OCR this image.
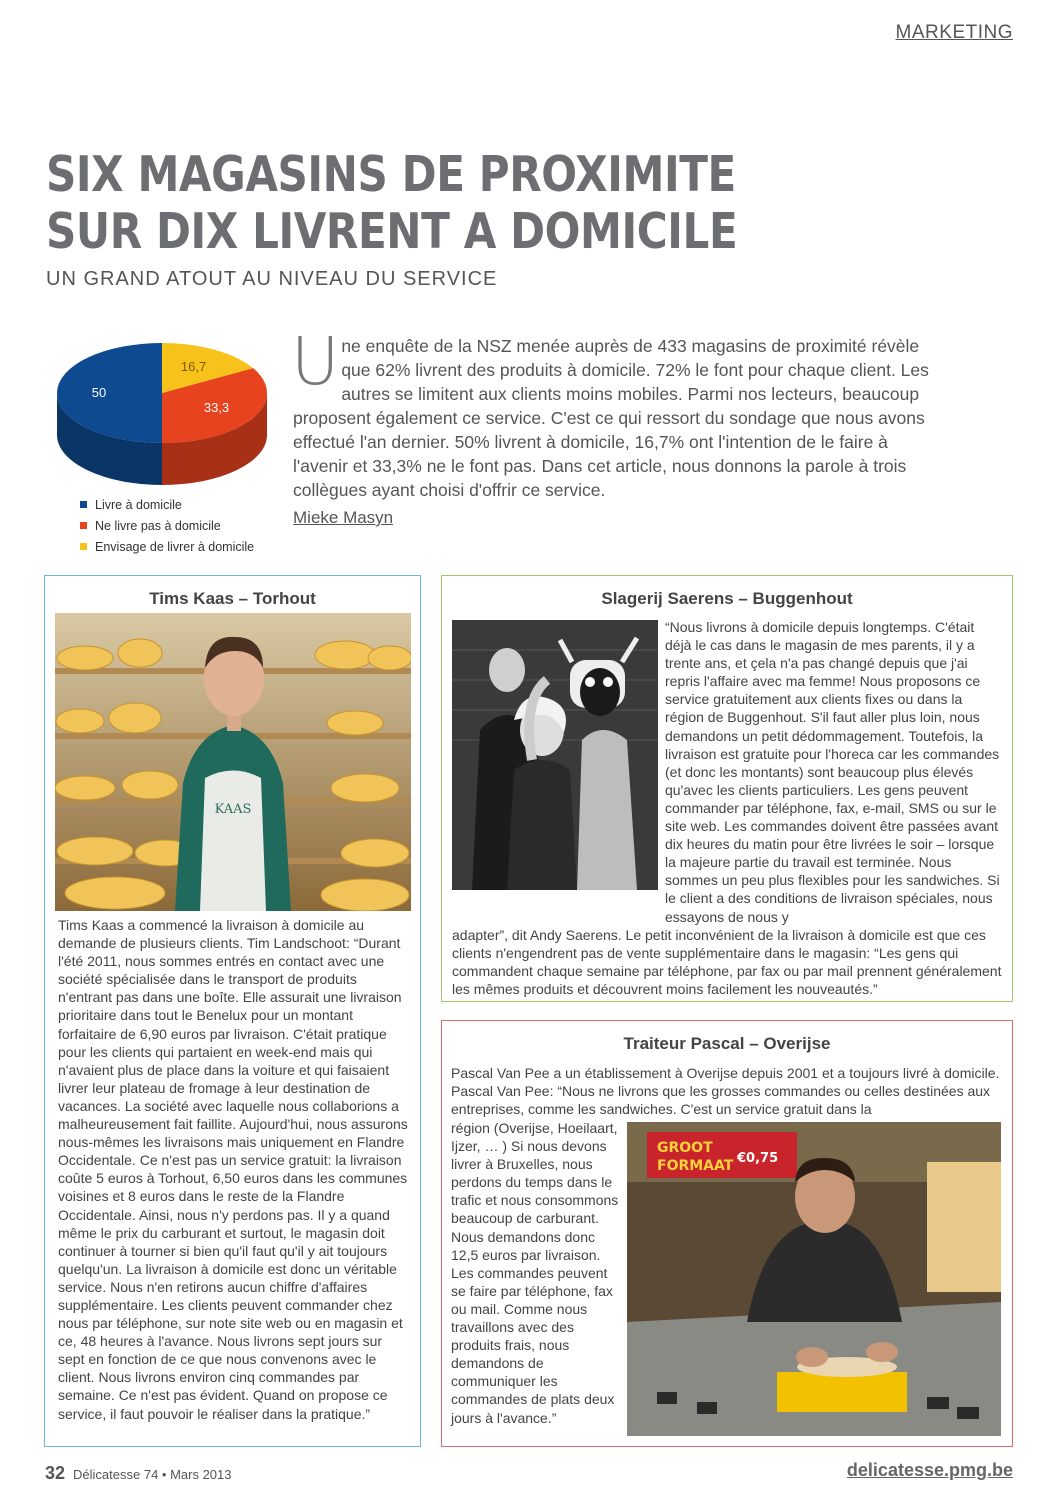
MARKETING
SIX MAGASINS DE PROXIMITE
SUR DIX LIVRENT A DOMICILE
UN GRAND ATOUT AU NIVEAU DU SERVICE
50
33,3
16,7
Livre à domicile
Ne livre pas à domicile
Envisage de livrer à domicile
Une enquête de la NSZ menée auprès de 433 magasins de proximité révèle que 62% livrent des produits à domicile. 72% le font pour chaque client. Les autres se limitent aux clients moins mobiles. Parmi nos lecteurs, beaucoup proposent également ce service. C'est ce qui ressort du sondage que nous avons effectué l'an dernier. 50% livrent à domicile, 16,7% ont l'intention de le faire à l'avenir et 33,3% ne le font pas. Dans cet article, nous donnons la parole à trois collègues ayant choisi d'offrir ce service.
Mieke Masyn
Tims Kaas – Torhout
KAAS
Tims Kaas a commencé la livraison à domicile au demande de plusieurs clients. Tim Landschoot: “Durant l'été 2011, nous sommes entrés en contact avec une société spécialisée dans le transport de produits n'entrant pas dans une boîte. Elle assurait une livraison prioritaire dans tout le Benelux pour un montant forfaitaire de 6,90 euros par livraison. C'était pratique pour les clients qui partaient en week-end mais qui n'avaient plus de place dans la voiture et qui faisaient livrer leur plateau de fromage à leur destination de vacances. La société avec laquelle nous collaborions a malheureusement fait faillite. Aujourd'hui, nous assurons nous-mêmes les livraisons mais uniquement en Flandre Occidentale. Ce n'est pas un service gratuit: la livraison coûte 5 euros à Torhout, 6,50 euros dans les communes voisines et 8 euros dans le reste de la Flandre Occidentale. Ainsi, nous n'y perdons pas. Il y a quand même le prix du carburant et surtout, le magasin doit continuer à tourner si bien qu'il faut qu'il y ait toujours quelqu'un. La livraison à domicile est donc un véritable service. Nous n'en retirons aucun chiffre d'affaires supplémentaire. Les clients peuvent commander chez nous par téléphone, sur note site web ou en magasin et ce, 48 heures à l'avance. Nous livrons sept jours sur sept en fonction de ce que nous convenons avec le client. Nous livrons environ cinq commandes par semaine. Ce n'est pas évident. Quand on propose ce service, il faut pouvoir le réaliser dans la pratique.”
Slagerij Saerens – Buggenhout
“Nous livrons à domicile depuis longtemps. C'était déjà le cas dans le magasin de mes parents, il y a trente ans, et çela n'a pas changé depuis que j'ai repris l'affaire avec ma femme! Nous proposons ce service gratuitement aux clients fixes ou dans la région de Buggenhout. S'il faut aller plus loin, nous demandons un petit dédommagement. Toutefois, la livraison est gratuite pour l'horeca car les commandes (et donc les montants) sont beaucoup plus élevés qu'avec les clients particuliers. Les gens peuvent commander par téléphone, fax, e-mail, SMS ou sur le site web. Les commandes doivent être passées avant dix heures du matin pour être livrées le soir – lorsque la majeure partie du travail est terminée. Nous sommes un peu plus flexibles pour les sandwiches. Si le client a des conditions de livraison spéciales, nous essayons de nous y
adapter”, dit Andy Saerens. Le petit inconvénient de la livraison à domicile est que ces clients n'engendrent pas de vente supplémentaire dans le magasin: “Les gens qui commandent chaque semaine par téléphone, par fax ou par mail prennent généralement les mêmes produits et découvrent moins facilement les nouveautés.”
Traiteur Pascal – Overijse
Pascal Van Pee a un établissement à Overijse depuis 2001 et a toujours livré à domicile. Pascal Van Pee: “Nous ne livrons que les grosses commandes ou celles destinées aux entreprises, comme les sandwiches. C'est un service gratuit dans la
région (Overijse, Hoeilaart, Ijzer, … ) Si nous devons livrer à Bruxelles, nous perdons du temps dans le trafic et nous consommons beaucoup de carburant. Nous demandons donc 12,5 euros par livraison. Les commandes peuvent se faire par téléphone, fax ou mail. Comme nous travaillons avec des produits frais, nous demandons de communiquer les commandes de plats deux jours à l'avance.”
GROOT
FORMAAT €0,75
32 Délicatesse 74 • Mars 2013	delicatesse.pmg.be
